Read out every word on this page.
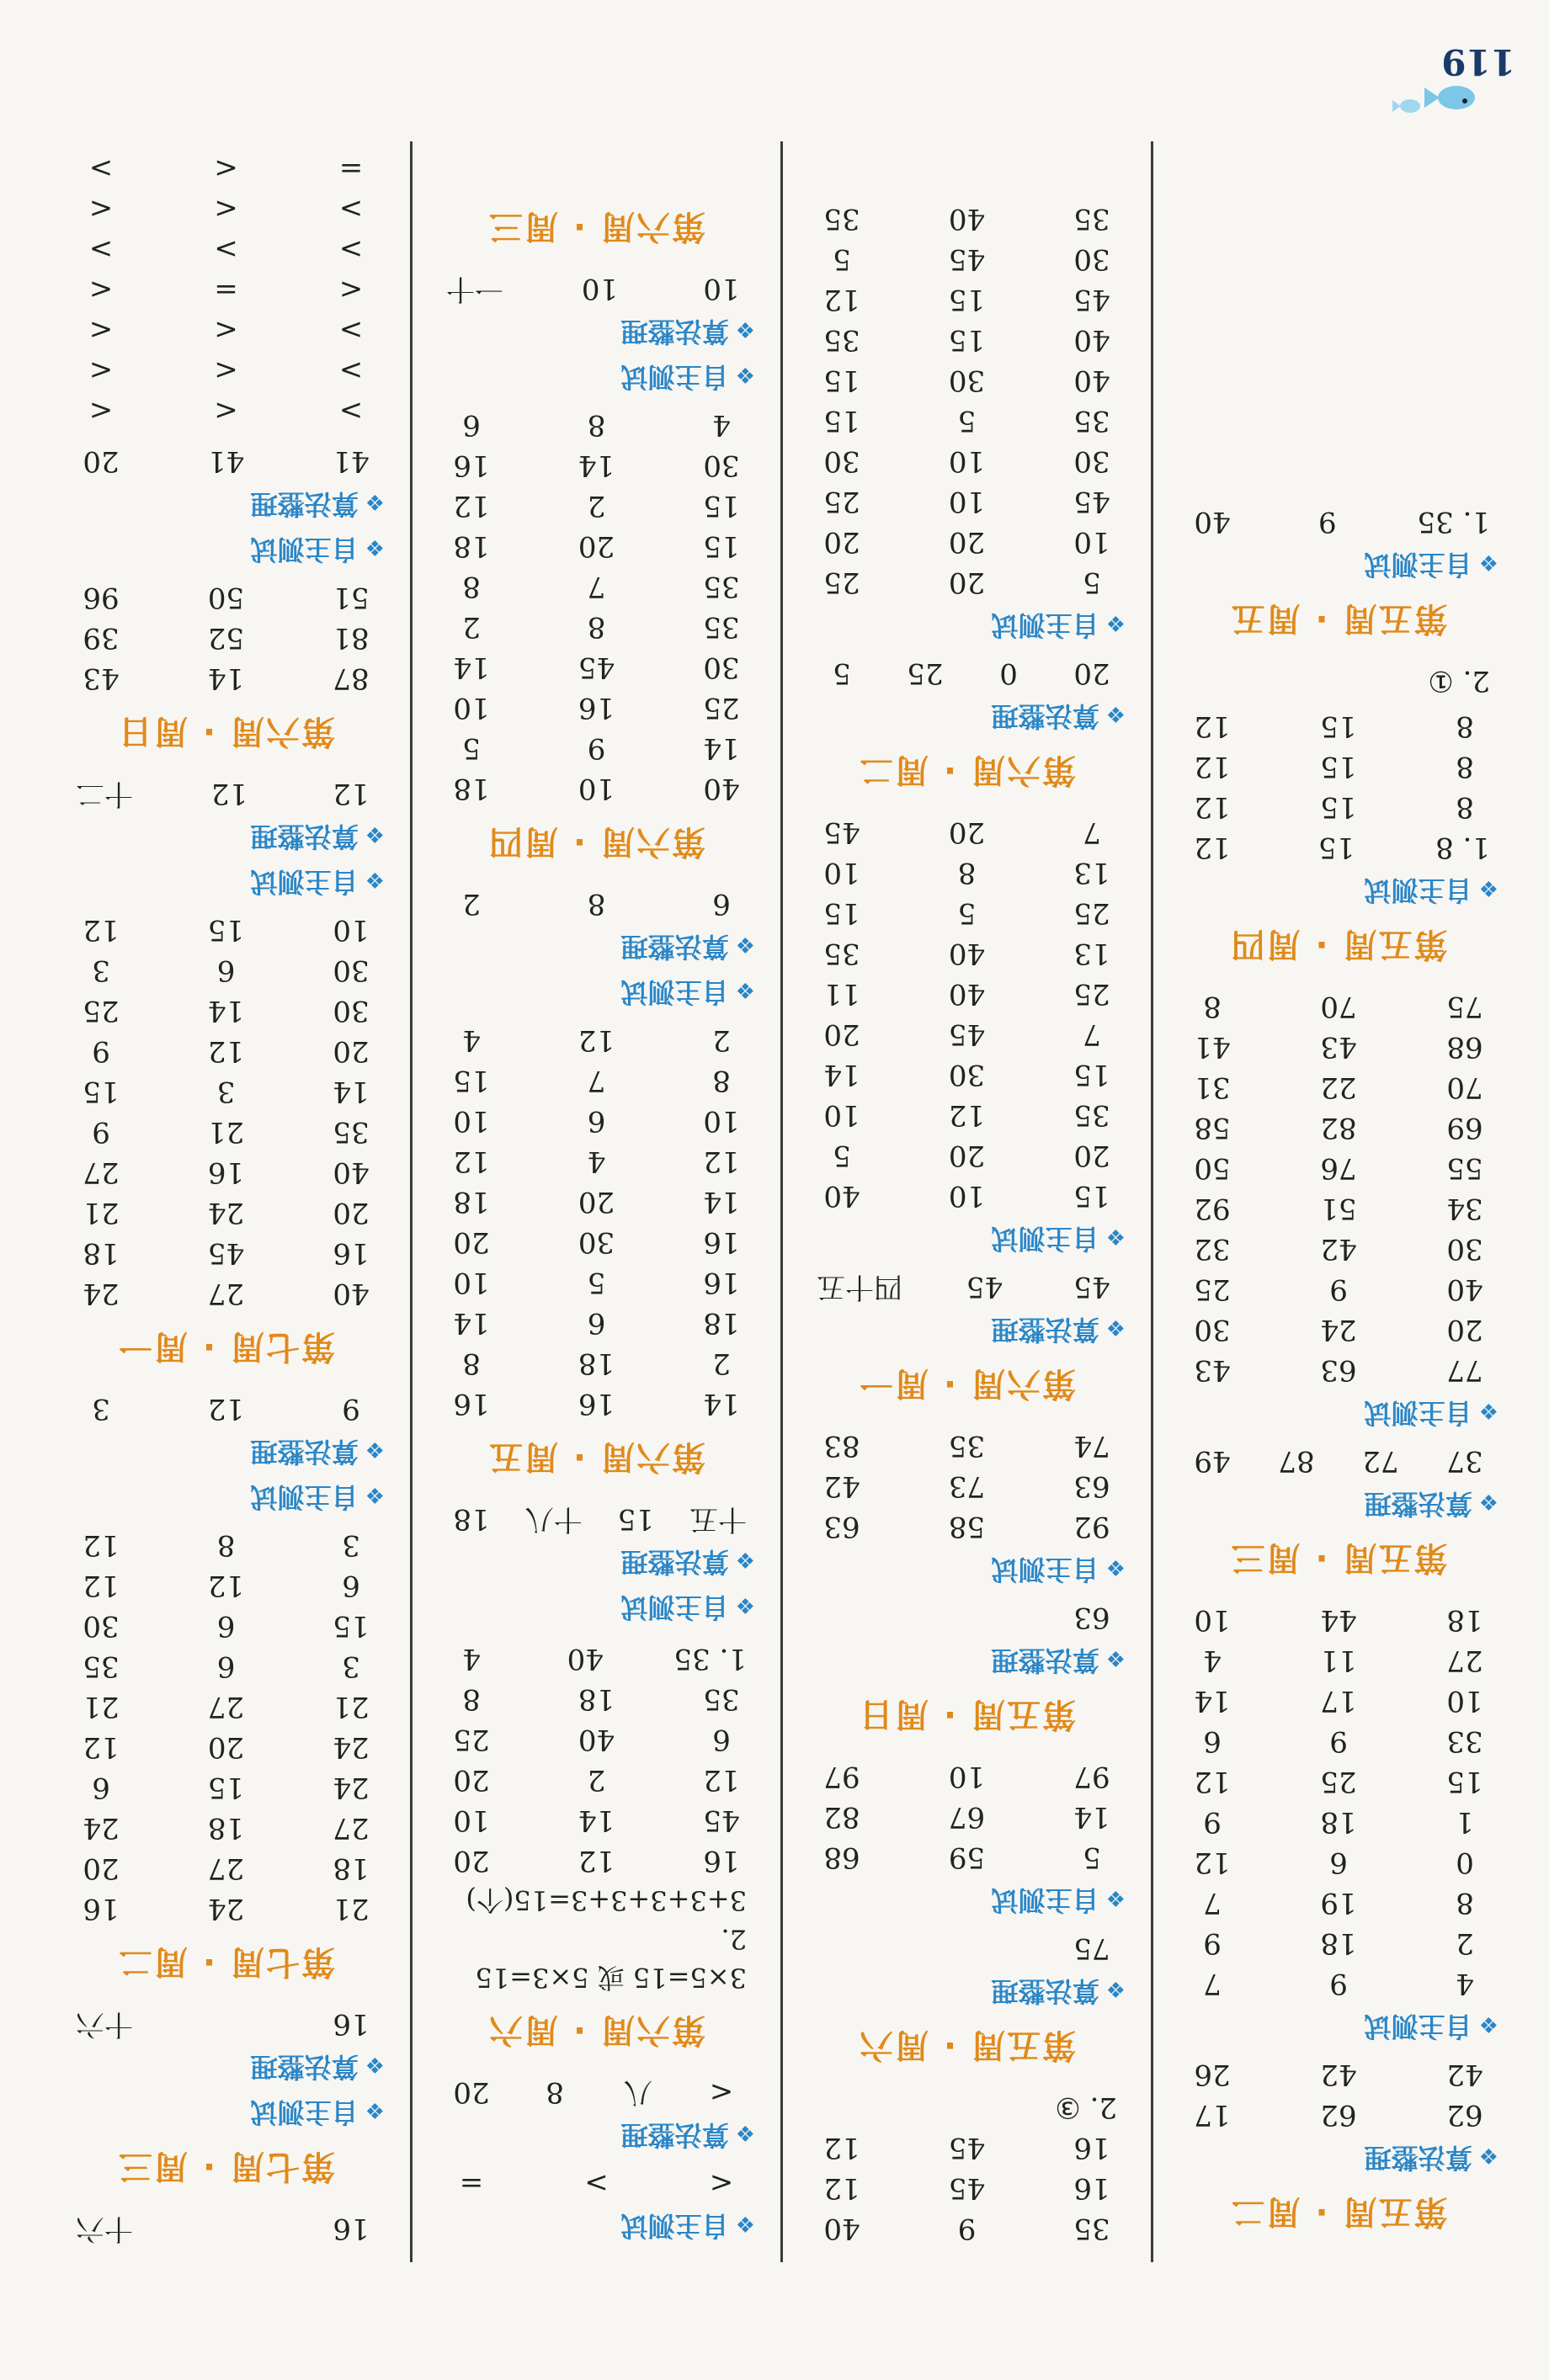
第五周 · 周二
❖算法整理
62
62
17
42
42
26
❖自主测试
4
9
7
2
18
9
8
19
7
0
6
12
1
18
9
15
25
12
33
9
6
10
17
14
27
11
4
18
44
10
第五周 · 周三
❖算法整理
37
72
87
49
❖自主测试
77
63
43
20
24
30
40
9
25
30
42
32
34
51
92
55
76
50
69
82
58
70
22
31
68
43
41
75
70
8
第五周 · 周四
❖自主测试
1. 8
15
12
8
15
12
8
15
12
8
15
12
2. ①
第五周 · 周五
❖自主测试
1. 35
9
40
35
9
40
16
45
12
16
45
12
2. ③
第五周 · 周六
❖算法整理
75
❖自主测试
5
59
68
14
67
82
97
10
97
第五周 · 周日
❖算法整理
63
❖自主测试
92
58
63
63
73
42
74
35
83
第六周 · 周一
❖算法整理
45
45
四十五
❖自主测试
15
10
40
20
20
5
35
12
10
15
30
14
7
45
20
25
40
11
13
40
35
25
5
15
13
8
10
7
20
45
第六周 · 周二
❖算法整理
20
0
25
5
❖自主测试
5
20
25
10
20
20
45
10
25
30
10
30
35
5
15
40
30
15
40
15
35
45
15
12
30
45
5
35
40
35
❖自主测试
<
>
=
❖算法整理
<
八
8
20
第六周 · 周六
3×5=15 或 5×3=15
2. 3+3+3+3+3=15(个)
16
12
20
45
14
10
12
2
20
6
40
25
35
18
8
1. 35
40
4
❖自主测试
❖算法整理
十五
15
十八
18
第六周 · 周五
14
16
16
2
18
8
18
6
14
16
5
10
16
30
20
14
20
18
12
4
12
10
6
10
8
7
15
2
12
4
❖自主测试
❖算法整理
6
8
2
第六周 · 周四
40
10
18
14
9
5
25
16
10
30
45
14
35
8
2
35
7
8
15
20
18
15
2
12
30
14
16
4
8
6
❖自主测试
❖算法整理
10
10
一十
第六周 · 周三
16
十六
第七周 · 周三
❖自主测试
❖算法整理
16
十六
第七周 · 周二
21
24
16
18
27
20
27
18
24
24
15
6
24
20
12
21
27
21
3
6
35
15
6
30
6
12
12
3
8
12
❖自主测试
❖算法整理
9
12
3
第七周 · 周一
40
27
24
16
45
18
20
24
21
40
16
27
35
21
9
14
3
15
20
12
9
30
14
25
30
6
3
10
15
12
❖自主测试
❖算法整理
12
12
十二
第六周 · 周日
87
14
43
81
52
39
51
50
96
❖自主测试
❖算法整理
41
41
20
>
<
<
>
<
<
>
<
<
<
=
<
>
>
>
>
<
<
=
<
>
119
